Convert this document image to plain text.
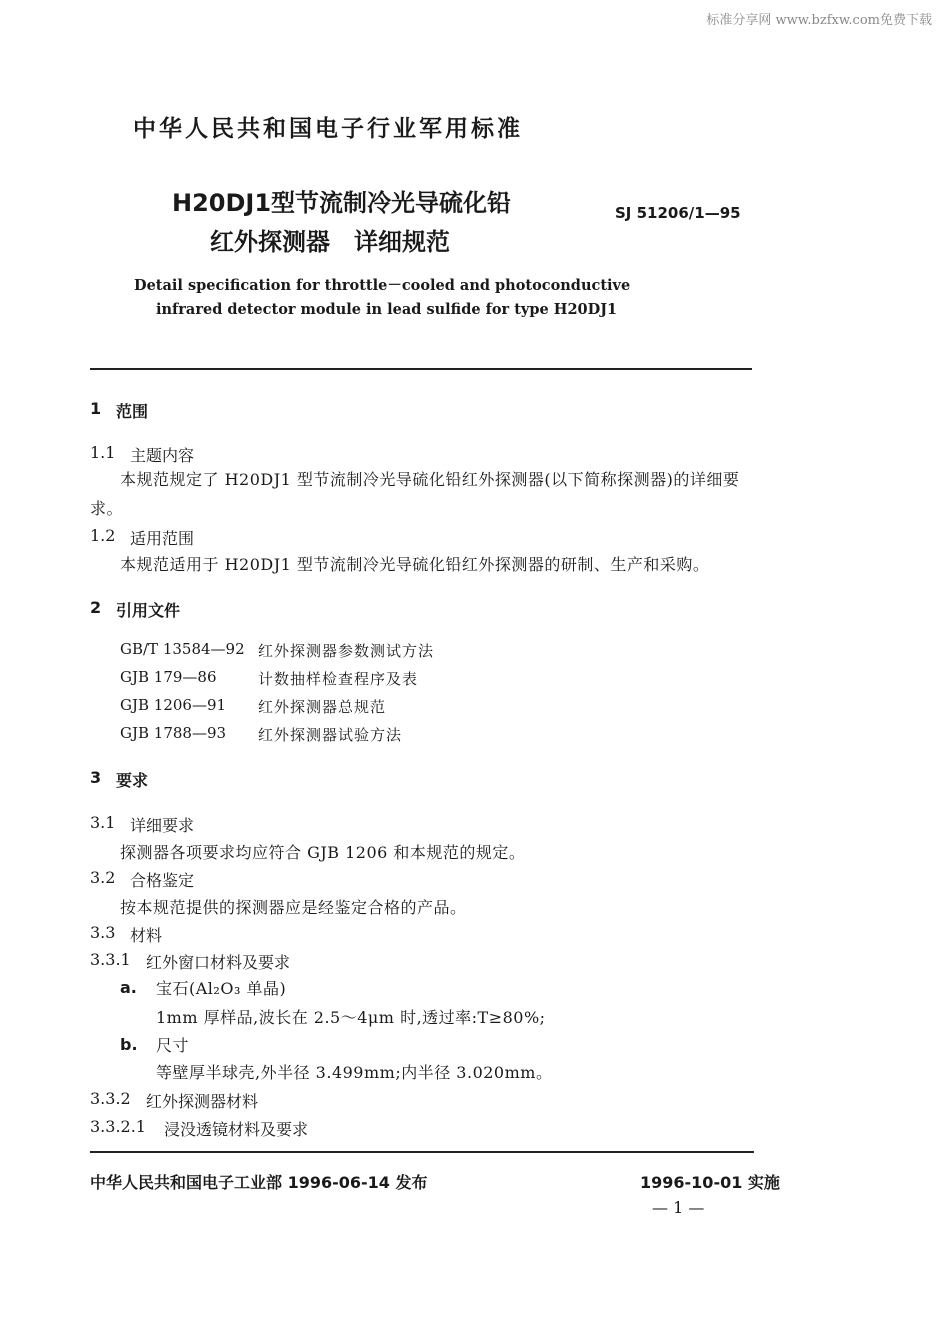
标准分享网 www.bzfxw.com免费下载
中华人民共和国电子行业军用标准
H20DJ1型节流制冷光导硫化铅
红外探测器　详细规范
SJ 51206/1—95
Detail specification for throttle－cooled and photoconductive
infrared detector module in lead sulfide for type H20DJ1
1 范围
1.1 主题内容
本规范规定了 H20DJ1 型节流制冷光导硫化铅红外探测器(以下简称探测器)的详细要
求。
1.2 适用范围
本规范适用于 H20DJ1 型节流制冷光导硫化铅红外探测器的研制、生产和采购。
2 引用文件
GB/T 13584—92 红外探测器参数测试方法
GJB 179—86	计数抽样检查程序及表
GJB 1206—91 红外探测器总规范
GJB 1788—93 红外探测器试验方法
3 要求
3.1 详细要求
探测器各项要求均应符合 GJB 1206 和本规范的规定。
3.2 合格鉴定
按本规范提供的探测器应是经鉴定合格的产品。
3.3 材料
3.3.1 红外窗口材料及要求
a. 宝石(Al₂O₃ 单晶)
1mm 厚样品,波长在 2.5～4μm 时,透过率:T≥80%;
b. 尺寸
等壁厚半球壳,外半径 3.499mm;内半径 3.020mm。
3.3.2 红外探测器材料
3.3.2.1 浸没透镜材料及要求
中华人民共和国电子工业部 1996-06-14 发布	1996-10-01 实施
— 1 —
